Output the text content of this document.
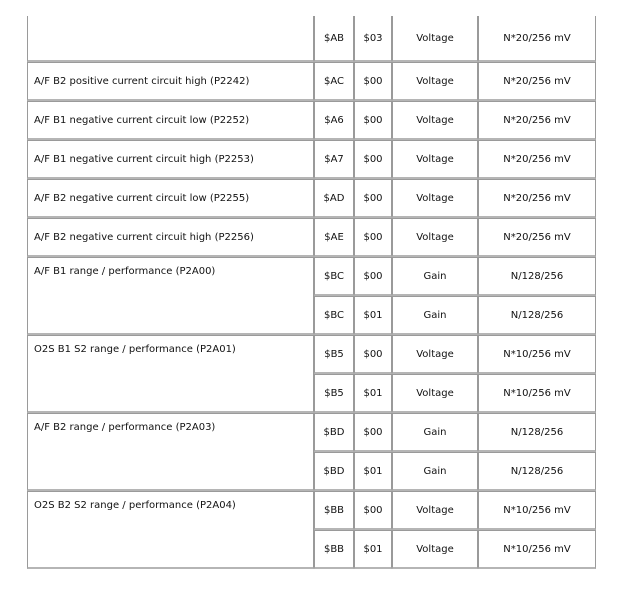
	$AB	$03	Voltage	N*20/256 mV
A/F B2 positive current circuit high (P2242)	$AC	$00	Voltage	N*20/256 mV
A/F B1 negative current circuit low (P2252)	$A6	$00	Voltage	N*20/256 mV
A/F B1 negative current circuit high (P2253)	$A7	$00	Voltage	N*20/256 mV
A/F B2 negative current circuit low (P2255)	$AD	$00	Voltage	N*20/256 mV
A/F B2 negative current circuit high (P2256)	$AE	$00	Voltage	N*20/256 mV
A/F B1 range / performance (P2A00)	$BC	$00	Gain	N/128/256
	$BC	$01	Gain	N/128/256
O2S B1 S2 range / performance (P2A01)	$B5	$00	Voltage	N*10/256 mV
	$B5	$01	Voltage	N*10/256 mV
A/F B2 range / performance (P2A03)	$BD	$00	Gain	N/128/256
	$BD	$01	Gain	N/128/256
O2S B2 S2 range / performance (P2A04)	$BB	$00	Voltage	N*10/256 mV
	$BB	$01	Voltage	N*10/256 mV
